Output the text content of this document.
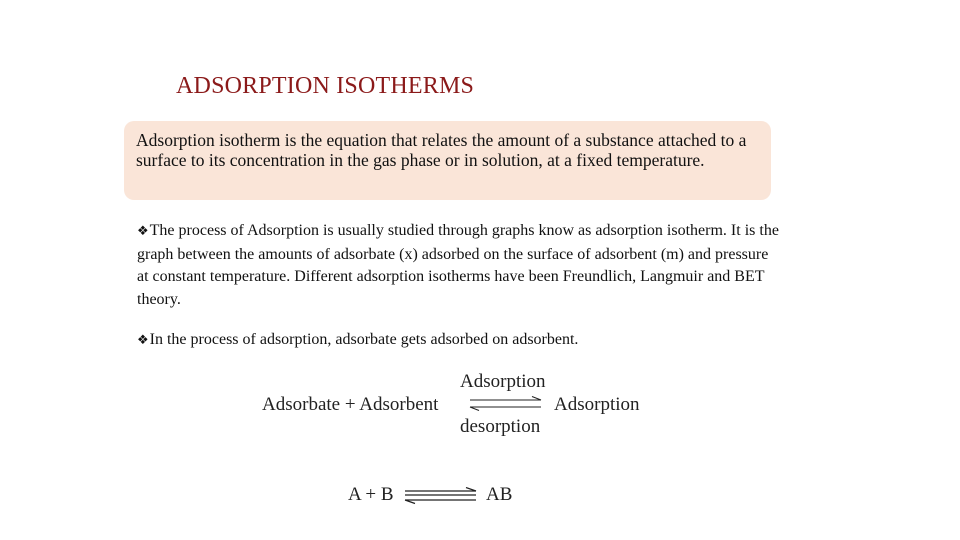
ADSORPTION ISOTHERMS
Adsorption isotherm is the equation that relates the amount of a substance attached to a surface to its concentration in the gas phase or in solution, at a fixed temperature.

❖The process of Adsorption is usually studied through graphs know as adsorption isotherm. It is the graph between the amounts of adsorbate (x) adsorbed on the surface of adsorbent (m) and pressure at constant temperature. Different adsorption isotherms have been Freundlich, Langmuir and BET theory.

❖In the process of adsorption, adsorbate gets adsorbed on adsorbent.

Adsorbate + Adsorbent
Adsorption
Adsorption
desorption
A + B	AB
